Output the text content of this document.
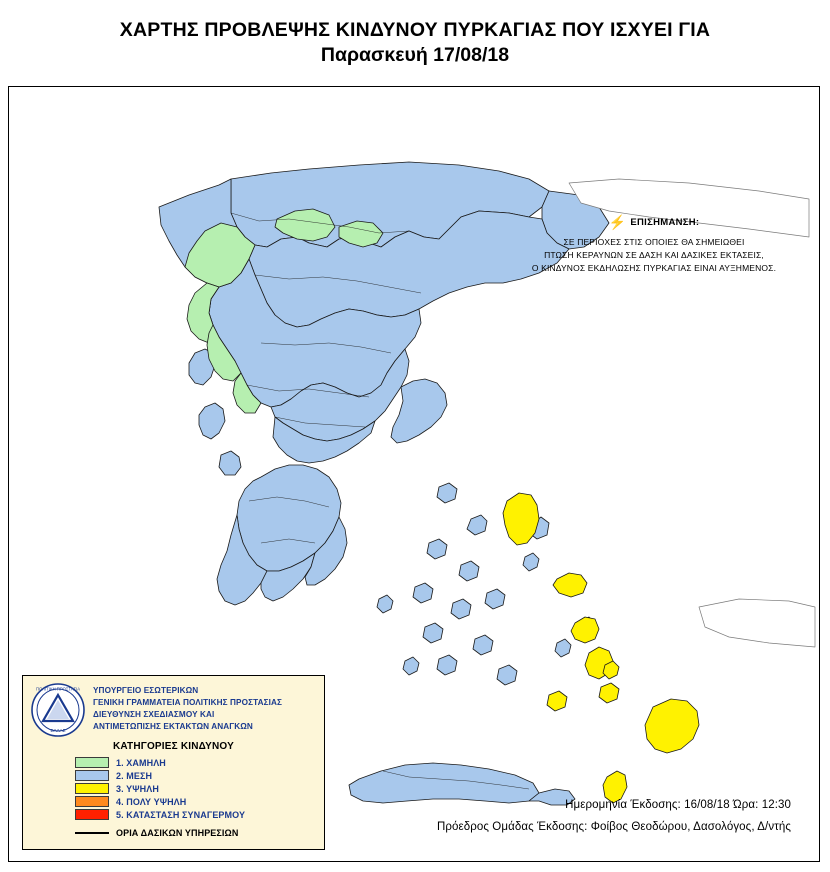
ΧΑΡΤΗΣ ΠΡΟΒΛΕΨΗΣ ΚΙΝΔΥΝΟΥ ΠΥΡΚΑΓΙΑΣ ΠΟΥ ΙΣΧΥΕΙ ΓΙΑ
Παρασκευή 17/08/18
⚡ ΕΠΙΣΗΜΑΝΣΗ:
ΣΕ ΠΕΡΙΟΧΕΣ ΣΤΙΣ ΟΠΟΙΕΣ ΘΑ ΣΗΜΕΙΩΘΕΙ
ΠΤΩΣΗ ΚΕΡΑΥΝΩΝ ΣΕ ΔΑΣΗ ΚΑΙ ΔΑΣΙΚΕΣ ΕΚΤΑΣΕΙΣ,
Ο ΚΙΝΔΥΝΟΣ ΕΚΔΗΛΩΣΗΣ ΠΥΡΚΑΓΙΑΣ ΕΙΝΑΙ ΑΥΞΗΜΕΝΟΣ.
ΠΟΛΙΤΙΚΗ ΠΡΟΣΤΑΣΙΑ
ΕΛΛΑΣ
ΥΠΟΥΡΓΕΙΟ ΕΣΩΤΕΡΙΚΩΝ
ΓΕΝΙΚΗ ΓΡΑΜΜΑΤΕΙΑ ΠΟΛΙΤΙΚΗΣ ΠΡΟΣΤΑΣΙΑΣ
ΔΙΕΥΘΥΝΣΗ ΣΧΕΔΙΑΣΜΟΥ ΚΑΙ
ΑΝΤΙΜΕΤΩΠΙΣΗΣ ΕΚΤΑΚΤΩΝ ΑΝΑΓΚΩΝ
ΚΑΤΗΓΟΡΙΕΣ ΚΙΝΔΥΝΟΥ
1. ΧΑΜΗΛΗ
2. ΜΕΣΗ
3. ΥΨΗΛΗ
4. ΠΟΛΥ ΥΨΗΛΗ
5. ΚΑΤΑΣΤΑΣΗ ΣΥΝΑΓΕΡΜΟΥ
ΟΡΙΑ ΔΑΣΙΚΩΝ ΥΠΗΡΕΣΙΩΝ
Ημερομηνία Έκδοσης: 16/08/18 Ώρα: 12:30
Πρόεδρος Ομάδας Έκδοσης: Φοίβος Θεοδώρου, Δασολόγος, Δ/ντής
